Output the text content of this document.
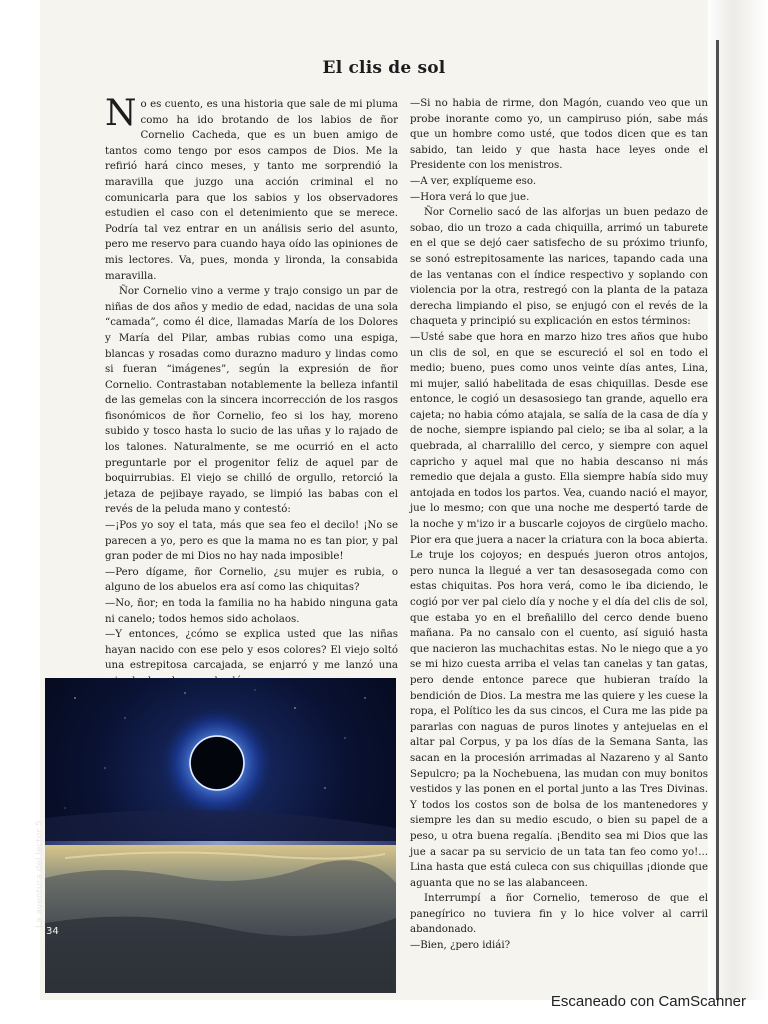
El clis de sol

No es cuento, es una historia que sale de mi pluma como ha ido brotando de los labios de ñor Cornelio Cacheda, que es un buen amigo de tantos como tengo por esos campos de Dios. Me la refirió hará cinco meses, y tanto me sorprendió la maravilla que juzgo una acción criminal el no comunicarla para que los sabios y los observadores estudien el caso con el detenimiento que se merece. Podría tal vez entrar en un análisis serio del asunto, pero me reservo para cuando haya oído las opiniones de mis lectores. Va, pues, monda y lironda, la consabida maravilla.

Ñor Cornelio vino a verme y trajo consigo un par de niñas de dos años y medio de edad, nacidas de una sola “camada”, como él dice, llamadas María de los Dolores y María del Pilar, ambas rubias como una espiga, blancas y rosadas como durazno maduro y lindas como si fueran “imágenes”, según la expresión de ñor Cornelio. Contrastaban notablemente la belleza infantil de las gemelas con la sincera incorrección de los rasgos fisonómicos de ñor Cornelio, feo si los hay, moreno subido y tosco hasta lo sucio de las uñas y lo rajado de los talones. Naturalmente, se me ocurrió en el acto preguntarle por el progenitor feliz de aquel par de boquirrubias. El viejo se chilló de orgullo, retorció la jetaza de pejibaye rayado, se limpió las babas con el revés de la peluda mano y contestó:

—¡Pos yo soy el tata, más que sea feo el decilo! ¡No se parecen a yo, pero es que la mama no es tan pior, y pal gran poder de mi Dios no hay nada imposible!

—Pero dígame, ñor Cornelio, ¿su mujer es rubia, o alguno de los abuelos era así como las chiquitas?

—No, ñor; en toda la familia no ha habido ninguna gata ni canelo; todos hemos sido acholaos.

—Y entonces, ¿cómo se explica usted que las niñas hayan nacido con ese pelo y esos colores? El viejo soltó una estrepitosa carcajada, se enjarró y me lanzó una

—Si no habia de rirme, don Magón, cuando veo que un probe inorante como yo, un campiruso pión, sabe más que un hombre como usté, que todos dicen que es tan sabido, tan leido y que hasta hace leyes onde el Presidente con los menistros.

—A ver, explíqueme eso.

—Hora verá lo que jue.

Ñor Cornelio sacó de las alforjas un buen pedazo de sobao, dio un trozo a cada chiquilla, arrimó un taburete en el que se dejó caer satisfecho de su próximo triunfo, se sonó estrepitosamente las narices, tapando cada una de las ventanas con el índice respectivo y soplando con violencia por la otra, restregó con la planta de la pataza derecha limpiando el piso, se enjugó con el revés de la chaqueta y principió su explicación en estos términos:

—Usté sabe que hora en marzo hizo tres años que hubo un clis de sol, en que se escureció el sol en todo el medio; bueno, pues como unos veinte días antes, Lina, mi mujer, salió habelitada de esas chiquillas. Desde ese entonce, le cogió un desasosiego tan grande, aquello era cajeta; no habia cómo atajala, se salía de la casa de día y de noche, siempre ispiando pal cielo; se iba al solar, a la quebrada, al charralillo del cerco, y siempre con aquel capricho y aquel mal que no habia descanso ni más remedio que dejala a gusto. Ella siempre había sido muy antojada en todos los partos. Vea, cuando nació el mayor, jue lo mesmo; con que una noche me despertó tarde de la noche y m'izo ir a buscarle cojoyos de cirgüelo macho. Pior era que juera a nacer la criatura con la boca abierta. Le truje los cojoyos; en después jueron otros antojos, pero nunca la llegué a ver tan desasosegada como con estas chiquitas. Pos hora verá, como le iba diciendo, le cogió por ver pal cielo día y noche y el día del clis de sol, que estaba yo en el breñalillo del cerco dende bueno mañana. Pa no cansalo con el cuento, así siguió hasta que nacieron las muchachitas estas. No le niego que a yo se mi hizo cuesta arriba el velas tan canelas y tan gatas, pero dende entonce parece que hubieran traído la bendición de Dios. La mestra me las quiere y les cuese la ropa, el Político les da sus cincos, el Cura me las pide pa pararlas con naguas de puros linotes y antejuelas en el altar pal Corpus, y pa los días de la Semana Santa, las sacan en la procesión arrimadas al Nazareno y al Santo Sepulcro; pa la Nochebuena, las mudan con muy bonitos vestidos y las ponen en el portal junto a las Tres Divinas. Y todos los costos son de bolsa de los mantenedores y siempre les dan su medio escudo, o bien su papel de a peso, u otra buena regalía. ¡Bendito sea mi Dios que las jue a sacar pa su servicio de un tata tan feo como yo!... Lina hasta que está culeca con sus chiquillas ¡dionde que aguanta que no se las alabanceen.

Interrumpí a ñor Cornelio, temeroso de que el panegírico no tuviera fin y lo hice volver al carril abandonado.

—Bien, ¿pero idiái?

La aventura del lector 5
34
Escaneado con CamScanner
